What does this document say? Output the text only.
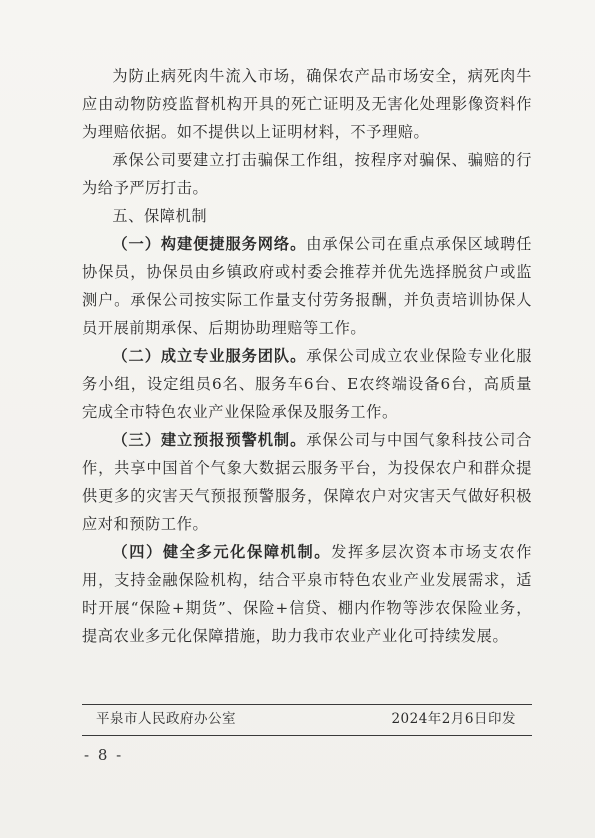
为防止病死肉牛流入市场，确保农产品市场安全，病死肉牛应由动物防疫监督机构开具的死亡证明及无害化处理影像资料作为理赔依据。如不提供以上证明材料，不予理赔。

承保公司要建立打击骗保工作组，按程序对骗保、骗赔的行为给予严厉打击。

五、保障机制

（一）构建便捷服务网络。由承保公司在重点承保区域聘任协保员，协保员由乡镇政府或村委会推荐并优先选择脱贫户或监测户。承保公司按实际工作量支付劳务报酬，并负责培训协保人员开展前期承保、后期协助理赔等工作。

（二）成立专业服务团队。承保公司成立农业保险专业化服务小组，设定组员6名、服务车6台、E农终端设备6台，高质量完成全市特色农业产业保险承保及服务工作。

（三）建立预报预警机制。承保公司与中国气象科技公司合作，共享中国首个气象大数据云服务平台，为投保农户和群众提供更多的灾害天气预报预警服务，保障农户对灾害天气做好积极应对和预防工作。

（四）健全多元化保障机制。发挥多层次资本市场支农作用，支持金融保险机构，结合平泉市特色农业产业发展需求，适时开展“保险+期货”、保险+信贷、棚内作物等涉农保险业务，提高农业多元化保障措施，助力我市农业产业化可持续发展。

平泉市人民政府办公室	2024年2月6日印发
- 8 -
